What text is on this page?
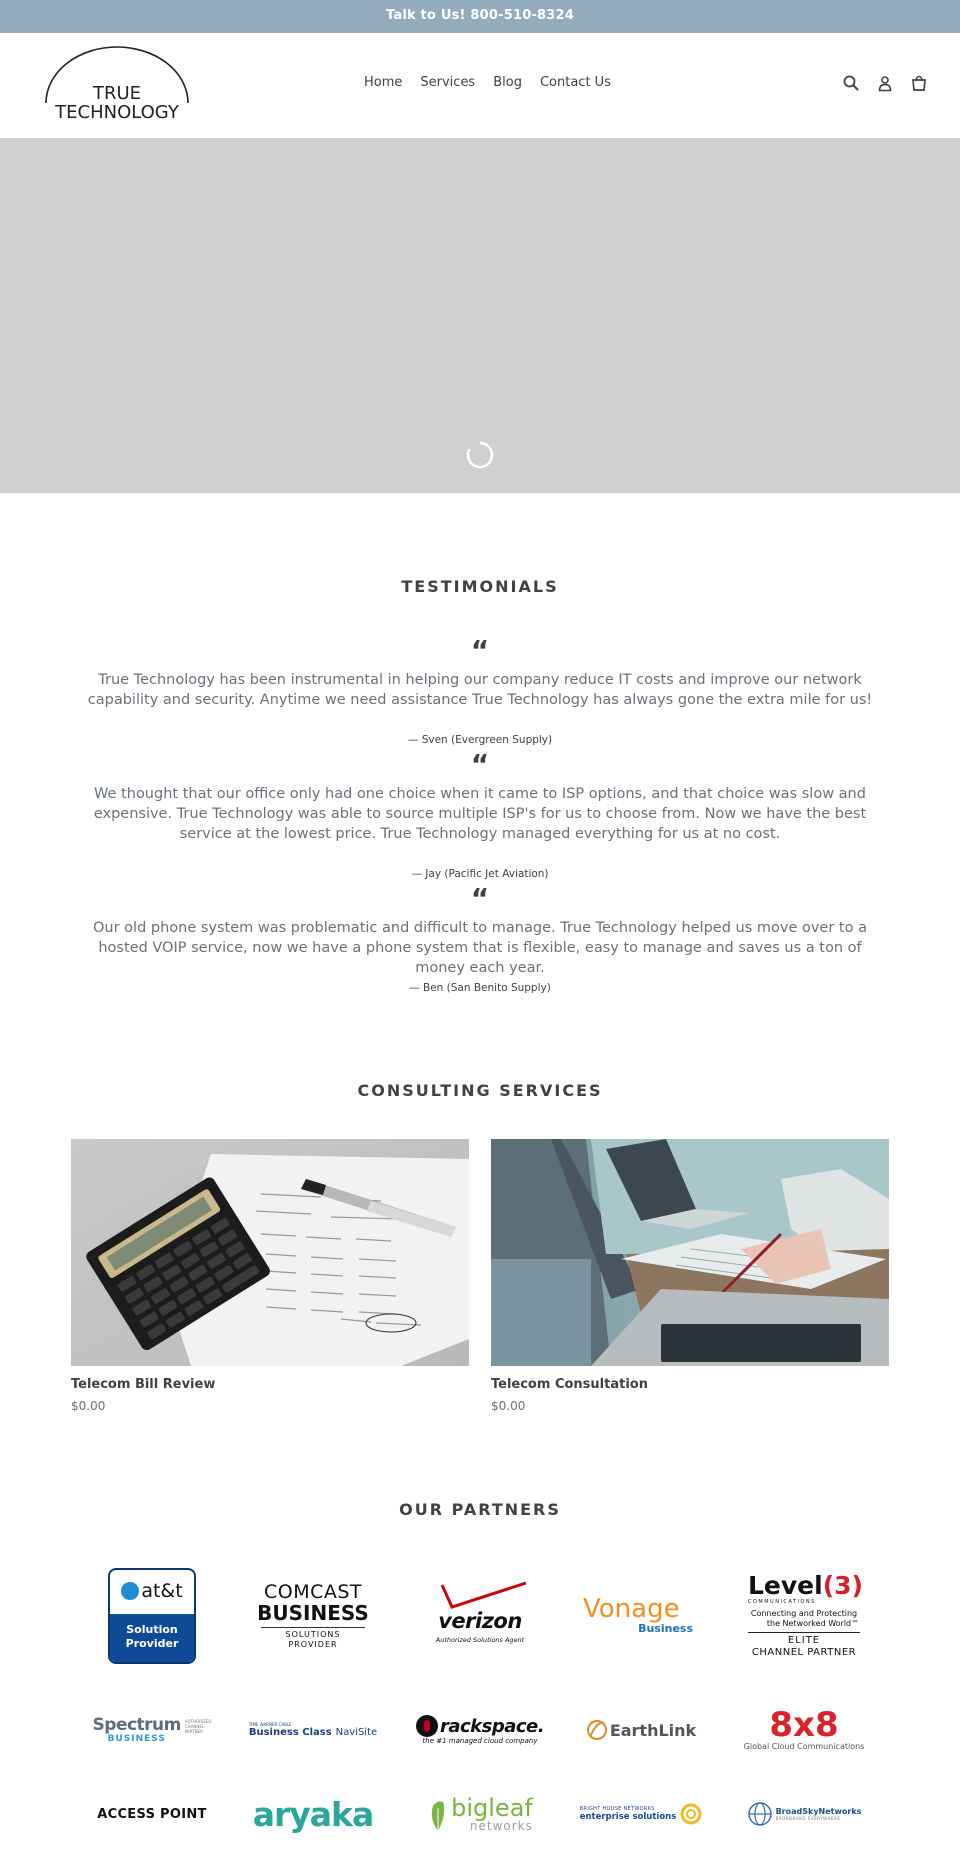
Talk to Us! 800-510-8324
TRUE
TECHNOLOGY
Home	Services	Blog	Contact Us
TESTIMONIALS
“
True Technology has been instrumental in helping our company reduce IT costs and improve our network capability and security. Anytime we need assistance True Technology has always gone the extra mile for us!
— Sven (Evergreen Supply)
“
We thought that our office only had one choice when it came to ISP options, and that choice was slow and expensive. True Technology was able to source multiple ISP's for us to choose from. Now we have the best service at the lowest price. True Technology managed everything for us at no cost.
— Jay (Pacific Jet Aviation)
“
Our old phone system was problematic and difficult to manage. True Technology helped us move over to a hosted VOIP service, now we have a phone system that is flexible, easy to manage and saves us a ton of money each year.
— Ben (San Benito Supply)
CONSULTING SERVICES
Telecom Bill Review
$0.00
Telecom Consultation
$0.00
OUR PARTNERS
at&t
Solution
Provider
COMCAST
BUSINESS
SOLUTIONS
PROVIDER
verizon
Authorized Solutions Agent
Vonage
Business
Level(3)
COMMUNICATIONS
Connecting and Protecting
the Networked World™
ELITE
CHANNEL PARTNER
Spectrum
BUSINESS
AUTHORIZED
CHANNEL
PARTNER
TIME WARNER CABLE
Business Class NaviSite	rackspace.
the #1 managed cloud company
EarthLink	8x8
Global Cloud Communications
ACCESS POINT aryaka	bigleaf
networks
BRIGHT HOUSE NETWORKS
enterprise solutions
BroadSkyNetworks
BROADBAND EVERYWHERE
